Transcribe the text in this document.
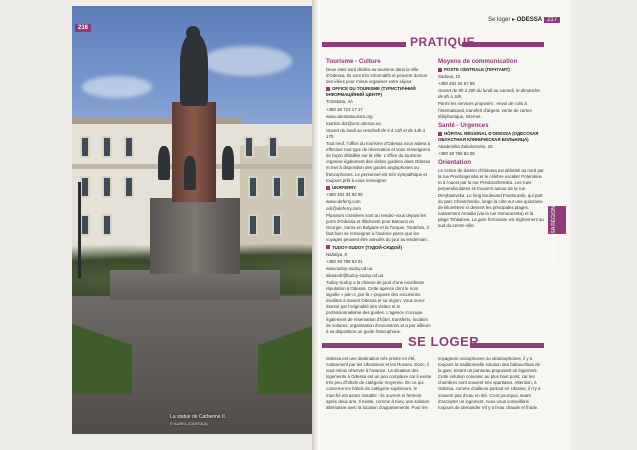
La statue de Catherine II.
© AUREL (ODESSA)
216
Se loger ▸ ODESSA 217
ODESSA ET SA RÉGION
PRATIQUE
Tourisme - Culture

Deux sites sont dédiés au tourisme dans la ville d'Odessa. Ils sont très informatifs et peuvent donner des idées pour mieux organiser votre séjour.

OFFICE DU TOURISME (ТУРИСТИЧНИЙ ІНФОРМАЦІЙНИЙ ЦЕНТР)

Troitskaïa, 4A

+380 48 723 17 17

www.odessatourism.org

tourism.dct@omr.odessa.ua

Ouvert du lundi au vendredi de 9 à 13h et de 14h à 17h.

Tout neuf, l'office du tourisme d'Odessa vous aidera à effectuer tout type de réservation et vous renseignera de façon détaillée sur la ville. L'office du tourisme organise également des visites guidées dans Odessa et met à disposition des guides anglophones ou francophones. Le personnel est très sympathique et toujours prêt à vous renseigner.

UKRFERRY

+380 482 34 82 96

www.ukrferry.com

odr@ukrferry.com

Plusieurs croisières sont au rendez-vous depuis les ports d'Odessa et Illitchevsk pour Batoumi en Géorgie, Varna en Bulgarie et la Turquie. Toutefois, il faut bien se renseigner à l'avance parce que les voyages peuvent être annulés du jour au lendemain.

TUDOY-SUDOY (ТУДОЙ-СЮДОЙ)

Nahalya, 8

+380 48 798 53 01

www.tudoy-sudoy.od.ua

alexandr@tudoy-sudoy.od.ua

Tudoy-Sudoy a la chance de jouir d'une excellente réputation à Odessa. Cette agence dont le nom signifie « par-ci, par-là » propose des excursions insolites à travers Odessa et sa région. Vous serez étonné par l'originalité des visites et le professionnalisme des guides. L'agence s'occupe également de réservation d'hôtel, transferts, location de voitures, organisation d'excursions et a par ailleurs à sa disposition un guide francophone.

Moyens de communication

POSTE CENTRALE (ПОЧТАМТ)

Sadova, 10

+380 482 26 67 89

Ouvert de 8h à 20h du lundi au samedi, le dimanche de 8h à 18h.

Parmi les services proposés : envoi de colis à l'international, transfert d'argent, vente de cartes téléphonique, Internet.

Santé - Urgences

HÔPITAL RÉGIONAL D'ODESSA (ОДЕССКАЯ ОБЛАСТНАЯ КЛИНИЧЕСКАЯ БОЛЬНИЦА)

Akademika Zabolotnoho, 26

+380 48 755 84 05

Orientation

Le centre de damier d'Odessa est délimité au nord par la rue Preobrajenska et le célèbre escalier Potemkine et à l'ouest par la rue Preobrazhenska. Les rues perpendiculaires se trouvent autour de la rue Derybasivska. Le long boulevard Frantsuzski, qui part du parc Chevtchenko, longe la côte sur une quinzaine de kilomètres et dessert les principales plages, notamment Arcadia (via la rue Genouezska) et la plage Tchkalova. La gare ferroviaire est légèrement au sud du centre-ville.

SE LOGER

Odessa est une destination très prisée en été, notamment par les Ukrainiens et les Russes. Donc, il vaut mieux réserver à l'avance. La situation des logements à Odessa est un peu complexe car il existe très peu d'hôtels de catégorie moyenne. En ce qui concerne les hôtels de catégorie supérieure, le marché est assez instable : ils ouvrent et ferment après deux ans. Il existe, comme à Kiev, une solution alternative avec la location d'appartements. Pour les

voyageurs russophones ou ukrainophones, il y a toujours la traditionnelle solution des babouchkas de la gare, tenant un panneau proposant un logement. Cette solution convainc au plus haut point, car les chambres sont souvent très spartiates. Attention, à Odessa, comme d'ailleurs partout en Ukraine, il n'y a souvent pas d'eau en été. C'est pourquoi, avant d'accepter un logement, nous vous conseillons toujours de demander s'il y a l'eau chaude et froide.
